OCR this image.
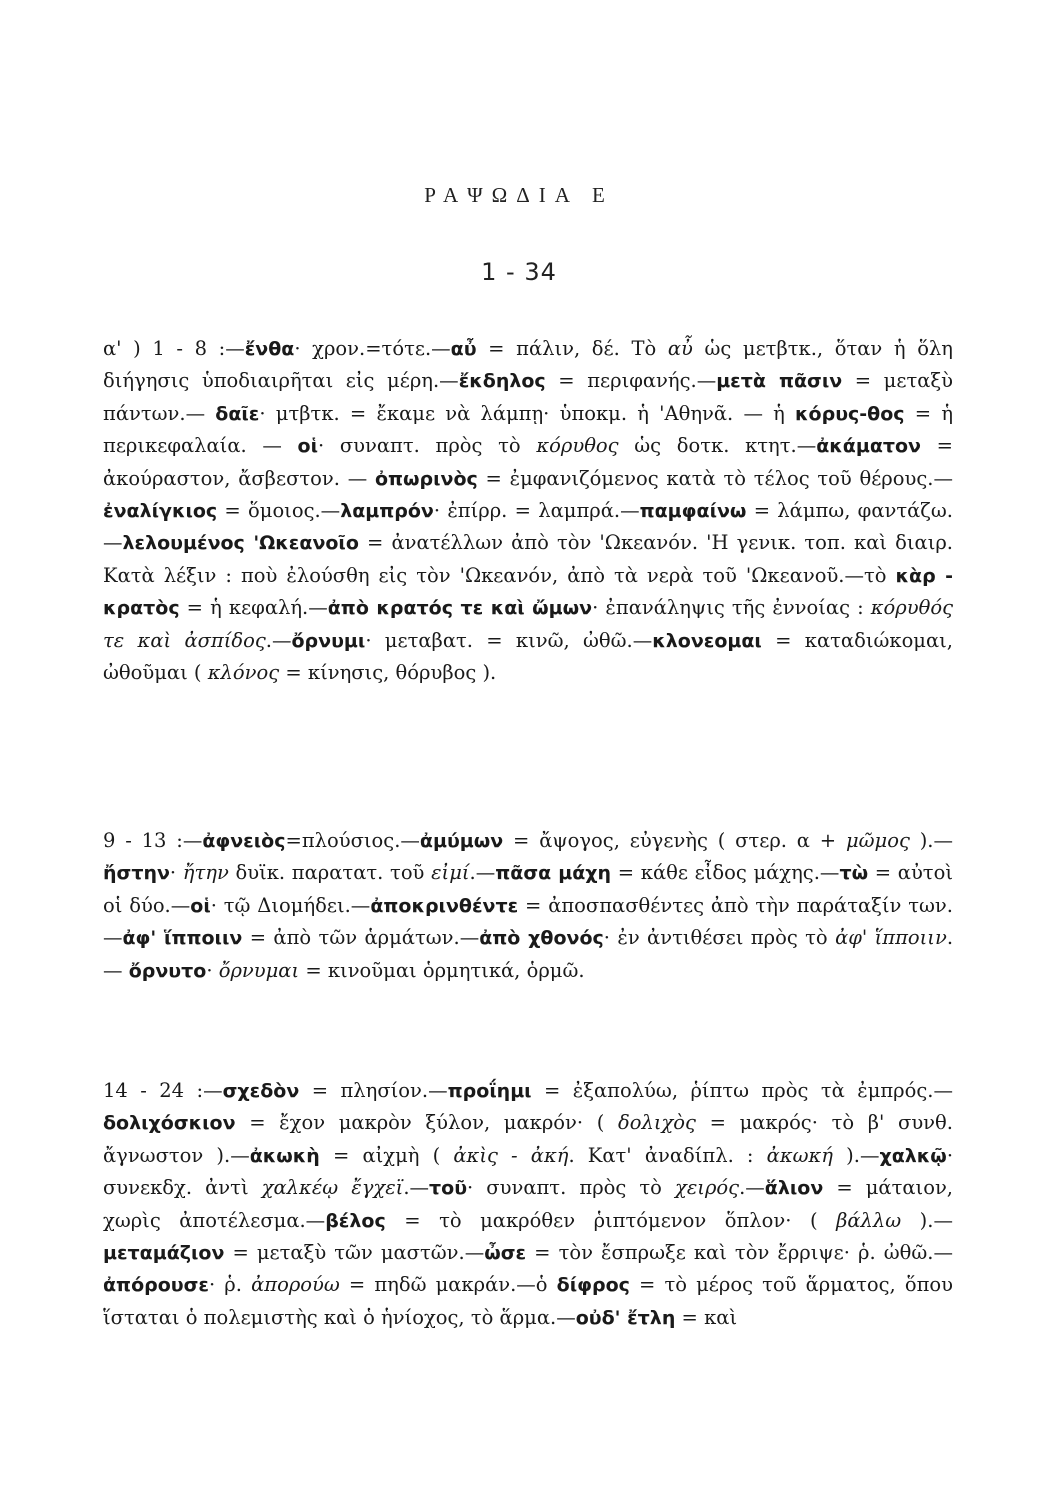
ΡΑΨΩΔΙΑ Ε
1 - 34
α' ) 1 - 8 :—ἔνθα· χρον.=τότε.—αὖ = πάλιν, δέ. Τὸ αὖ ὡς μετβτκ., ὅταν ἡ ὅλη διήγησις ὑποδιαιρῆται εἰς μέρη.—ἔκδηλος = περιφανής.—μετὰ πᾶσιν = μεταξὺ πάντων.— δαῖε· μτβτκ. = ἔκαμε νὰ λάμπῃ· ὑποκμ. ἡ 'Αθηνᾶ. — ἡ κόρυς-θος = ἡ περικεφαλαία. — οἱ· συναπτ. πρὸς τὸ κόρυθος ὡς δοτκ. κτητ.—ἀκάματον = ἀκούραστον, ἄσβεστον. — ὀπωρινὸς = ἐμφανιζόμενος κατὰ τὸ τέλος τοῦ θέρους.—ἐναλίγκιος = ὅμοιος.—λαμπρόν· ἐπίρρ. = λαμπρά.—παμφαίνω = λάμπω, φαντάζω.—λελουμένος 'Ωκεανοῖο = ἀνατέλλων ἀπὸ τὸν 'Ωκεανόν. 'Η γενικ. τοπ. καὶ διαιρ. Κατὰ λέξιν : ποὺ ἐλούσθη εἰς τὸν 'Ωκεανόν, ἀπὸ τὰ νερὰ τοῦ 'Ωκεανοῦ.—τὸ κὰρ - κρατὸς = ἡ κεφαλή.—ἀπὸ κρατός τε καὶ ὤμων· ἐπανάληψις τῆς ἐννοίας : κόρυθός τε καὶ ἀσπίδος.—ὄρνυμι· μεταβατ. = κινῶ, ὠθῶ.—κλονεομαι = καταδιώκομαι, ὠθοῦμαι ( κλόνος = κίνησις, θόρυβος ).
9 - 13 :—ἀφνειὸς=πλούσιος.—ἀμύμων = ἄψογος, εὐγενὴς ( στερ. α + μῶμος ).—ἤστην· ἤτην δυϊκ. παρατατ. τοῦ εἰμί.—πᾶσα μάχη = κάθε εἶδος μάχης.—τὼ = αὐτοὶ οἱ δύο.—οἱ· τῷ Διομήδει.—ἀποκρινθέντε = ἀποσπασθέντες ἀπὸ τὴν παράταξίν των.—ἀφ' ἵπποιιν = ἀπὸ τῶν ἁρμάτων.—ἀπὸ χθονός· ἐν ἀντιθέσει πρὸς τὸ ἀφ' ἵπποιιν.— ὄρνυτο· ὄρνυμαι = κινοῦμαι ὁρμητικά, ὁρμῶ.
14 - 24 :—σχεδὸν = πλησίον.—προΐημι = ἐξαπολύω, ῥίπτω πρὸς τὰ ἐμπρός.—δολιχόσκιον = ἔχον μακρὸν ξύλον, μακρόν· ( δολιχὸς = μακρός· τὸ β' συνθ. ἄγνωστον ).—ἀκωκὴ = αἰχμὴ ( ἀκὶς - ἀκή. Κατ' ἀναδίπλ. : ἀκωκή ).—χαλκῷ· συνεκδχ. ἀντὶ χαλκέῳ ἔγχεϊ.—τοῦ· συναπτ. πρὸς τὸ χειρός.—ἅλιον = μάταιον, χωρὶς ἀποτέλεσμα.—βέλος = τὸ μακρόθεν ῥιπτόμενον ὅπλον· ( βάλλω ).—μεταμάζιον = μεταξὺ τῶν μαστῶν.—ὦσε = τὸν ἔσπρωξε καὶ τὸν ἔρριψε· ῥ. ὠθῶ.—ἀπόρουσε· ῥ. ἀπορούω = πηδῶ μακράν.—ὁ δίφρος = τὸ μέρος τοῦ ἅρματος, ὅπου ἵσταται ὁ πολεμιστὴς καὶ ὁ ἡνίοχος, τὸ ἅρμα.—οὐδ' ἔτλη = καὶ
